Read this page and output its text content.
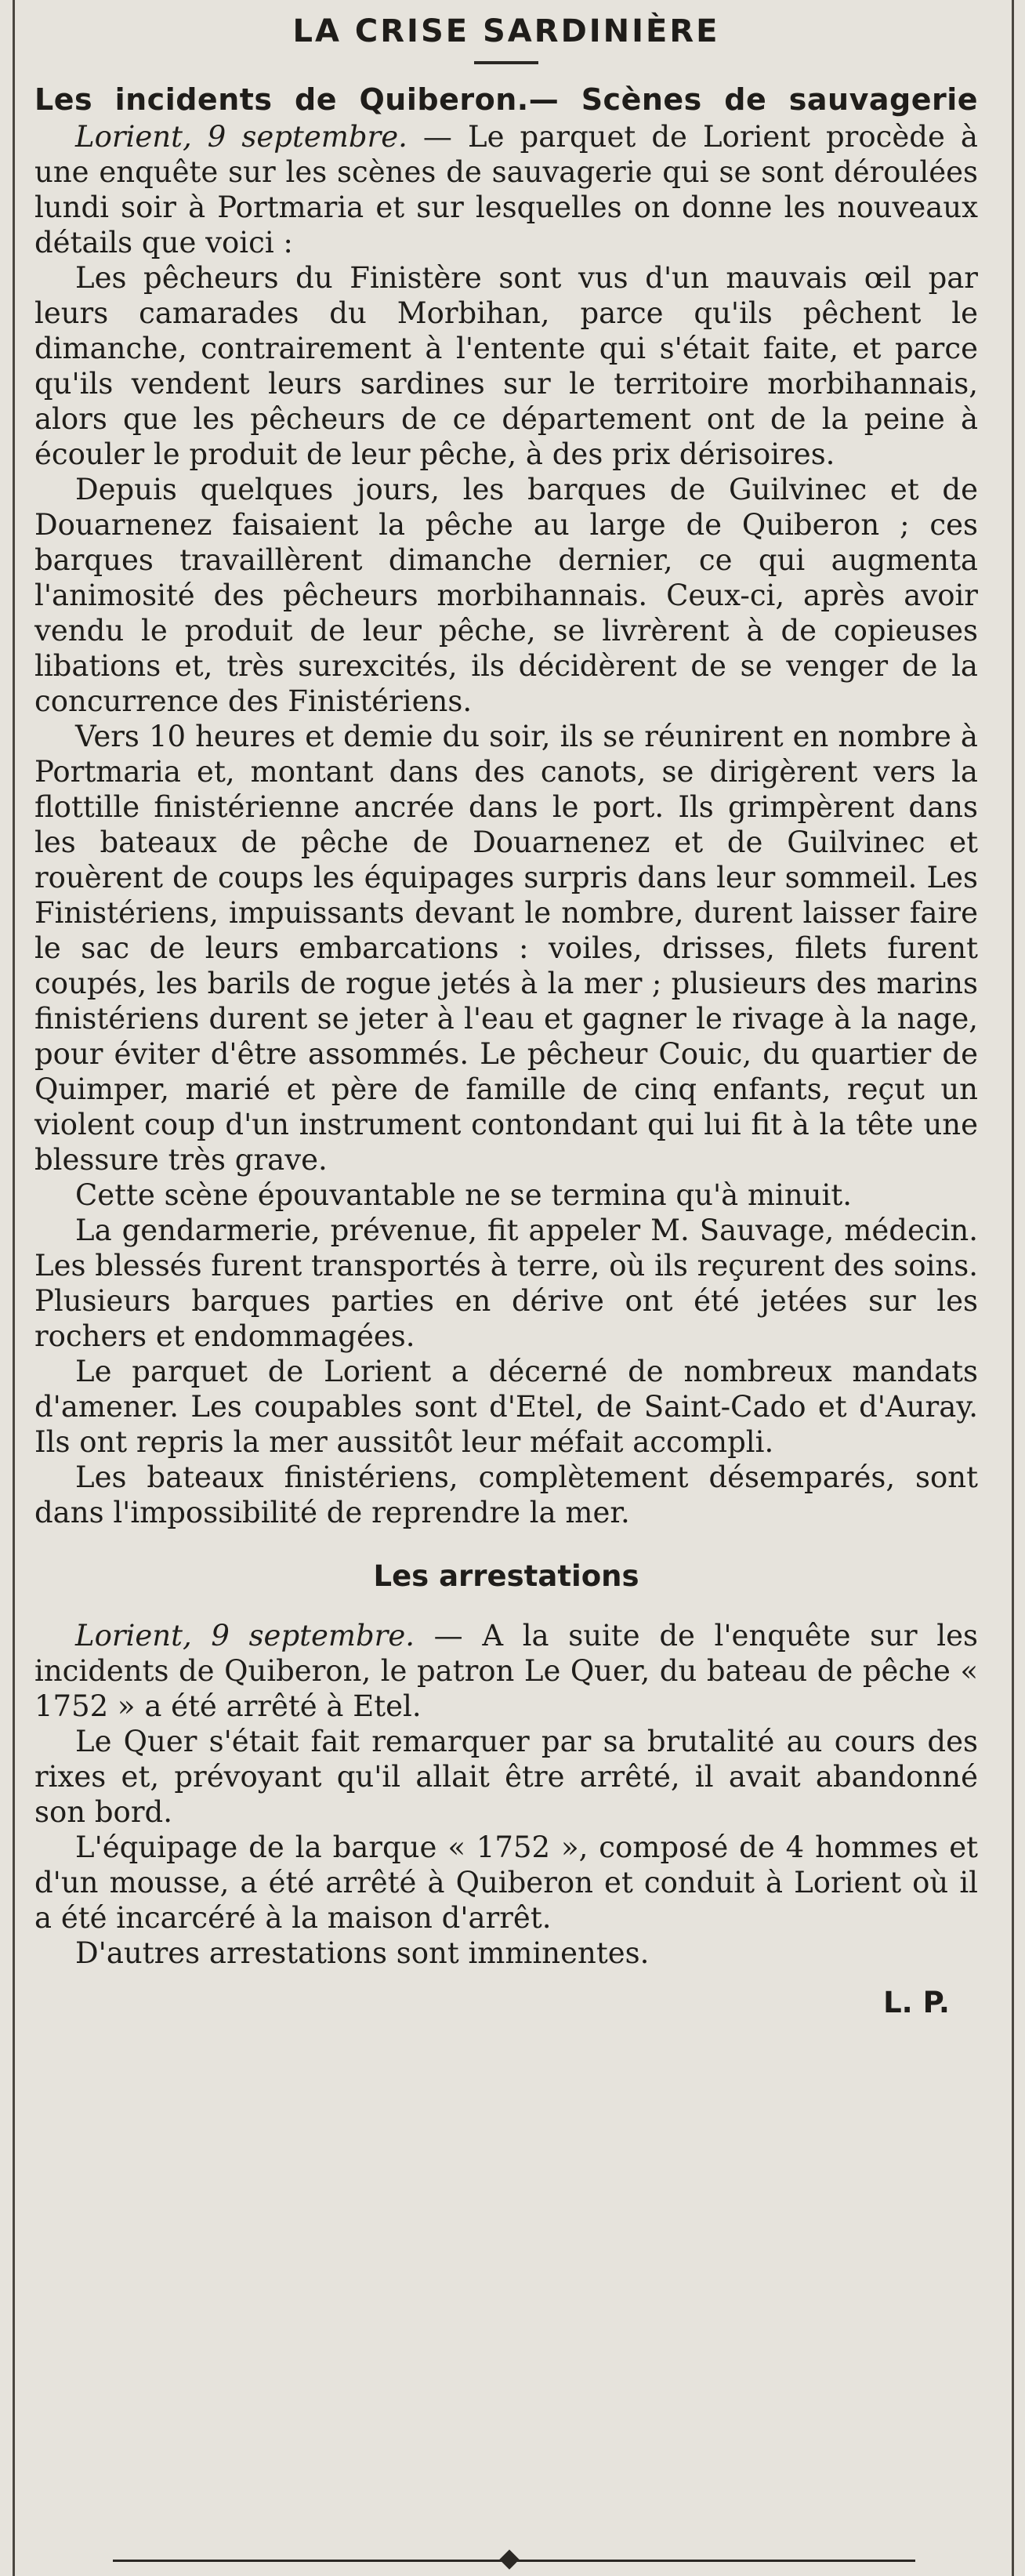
LA CRISE SARDINIÈRE
Les incidents de Quiberon.— Scènes de sauvagerie

Lorient, 9 septembre. — Le parquet de Lorient procède à une enquête sur les scènes de sauvagerie qui se sont déroulées lundi soir à Portmaria et sur lesquelles on donne les nouveaux détails que voici :

Les pêcheurs du Finistère sont vus d'un mauvais œil par leurs camarades du Morbihan, parce qu'ils pêchent le dimanche, contrairement à l'entente qui s'était faite, et parce qu'ils vendent leurs sardines sur le territoire morbihannais, alors que les pêcheurs de ce département ont de la peine à écouler le produit de leur pêche, à des prix dérisoires.

Depuis quelques jours, les barques de Guilvinec et de Douarnenez faisaient la pêche au large de Quiberon ; ces barques travaillèrent dimanche dernier, ce qui augmenta l'animosité des pêcheurs morbihannais. Ceux-ci, après avoir vendu le produit de leur pêche, se livrèrent à de copieuses libations et, très surexcités, ils décidèrent de se venger de la concurrence des Finistériens.

Vers 10 heures et demie du soir, ils se réunirent en nombre à Portmaria et, montant dans des canots, se dirigèrent vers la flottille finistérienne ancrée dans le port. Ils grimpèrent dans les bateaux de pêche de Douarnenez et de Guilvinec et rouèrent de coups les équipages surpris dans leur sommeil. Les Finistériens, impuissants devant le nombre, durent laisser faire le sac de leurs embarcations : voiles, drisses, filets furent coupés, les barils de rogue jetés à la mer ; plusieurs des marins finistériens durent se jeter à l'eau et gagner le rivage à la nage, pour éviter d'être assommés. Le pêcheur Couic, du quartier de Quimper, marié et père de famille de cinq enfants, reçut un violent coup d'un instrument contondant qui lui fit à la tête une blessure très grave.

Cette scène épouvantable ne se termina qu'à minuit.

La gendarmerie, prévenue, fit appeler M. Sauvage, médecin. Les blessés furent transportés à terre, où ils reçurent des soins. Plusieurs barques parties en dérive ont été jetées sur les rochers et endommagées.

Le parquet de Lorient a décerné de nombreux mandats d'amener. Les coupables sont d'Etel, de Saint-Cado et d'Auray. Ils ont repris la mer aussitôt leur méfait accompli.

Les bateaux finistériens, complètement désemparés, sont dans l'impossibilité de reprendre la mer.

Les arrestations

Lorient, 9 septembre. — A la suite de l'enquête sur les incidents de Quiberon, le patron Le Quer, du bateau de pêche « 1752 » a été arrêté à Etel.

Le Quer s'était fait remarquer par sa brutalité au cours des rixes et, prévoyant qu'il allait être arrêté, il avait abandonné son bord.

L'équipage de la barque « 1752 », composé de 4 hommes et d'un mousse, a été arrêté à Quiberon et conduit à Lorient où il a été incarcéré à la maison d'arrêt.

D'autres arrestations sont imminentes.

L. P.
